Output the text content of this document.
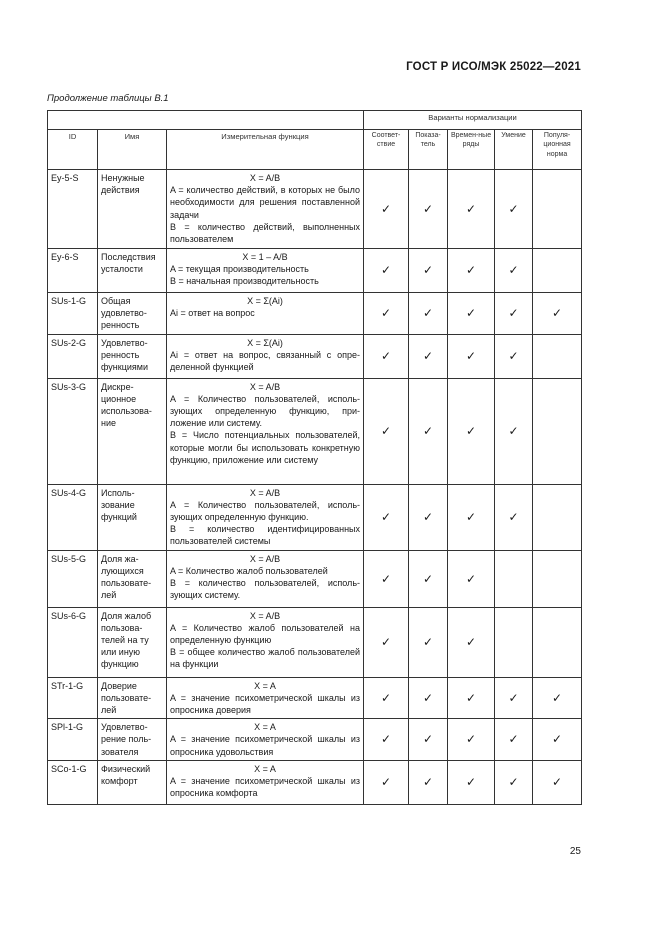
ГОСТ Р ИСО/МЭК 25022—2021
Продолжение таблицы В.1
			Варианты нормализации				
ID	Имя	Измерительная функция	Соответ-ствие	Показа-тель	Времен-ные ряды	Умение	Популя-ционная норма
Ey-5-S	Ненужные действия	X = A/B

A = количество действий, в которых не было необходимости для решения поставленной задачи

B = количество действий, выполненных пользователем	✓	✓	✓	✓	
Ey-6-S	Последствия усталости	X = 1 – A/B

A = текущая производительность

B = начальная производительность	✓	✓	✓	✓	
SUs-1-G	Общая удовлетворенность	X = Σ(Ai)

Ai = ответ на вопрос	✓	✓	✓	✓	✓
SUs-2-G	Удовлетворенность функциями	X = Σ(Ai)

Ai = ответ на вопрос, связанный с определенной функцией	✓	✓	✓	✓	
SUs-3-G	Дискреционное использование	X = A/B

A = Количество пользователей, использующих определенную функцию, приложение или систему.

B = Число потенциальных пользователей, которые могли бы использовать конкретную функцию, приложение или систему	✓	✓	✓	✓	
SUs-4-G	Использование функций	X = A/B

A = Количество пользователей, использующих определенную функцию.

B = количество идентифицированных пользователей системы	✓	✓	✓	✓	
SUs-5-G	Доля жалующихся пользователей	X = A/B

A = Количество жалоб пользователей

B = количество пользователей, использующих систему.	✓	✓	✓		
SUs-6-G	Доля жалоб пользователей на ту или иную функцию	X = A/B

A = Количество жалоб пользователей на определенную функцию

B = общее количество жалоб пользователей на функции	✓	✓	✓		
STr-1-G	Доверие пользователей	X = A

A = значение психометрической шкалы из опросника доверия	✓	✓	✓	✓	✓
SPl-1-G	Удовлетворение пользователя	X = A

A = значение психометрической шкалы из опросника удовольствия	✓	✓	✓	✓	✓
SCo-1-G	Физический комфорт	X = A

A = значение психометрической шкалы из опросника комфорта	✓	✓	✓	✓	✓
25
